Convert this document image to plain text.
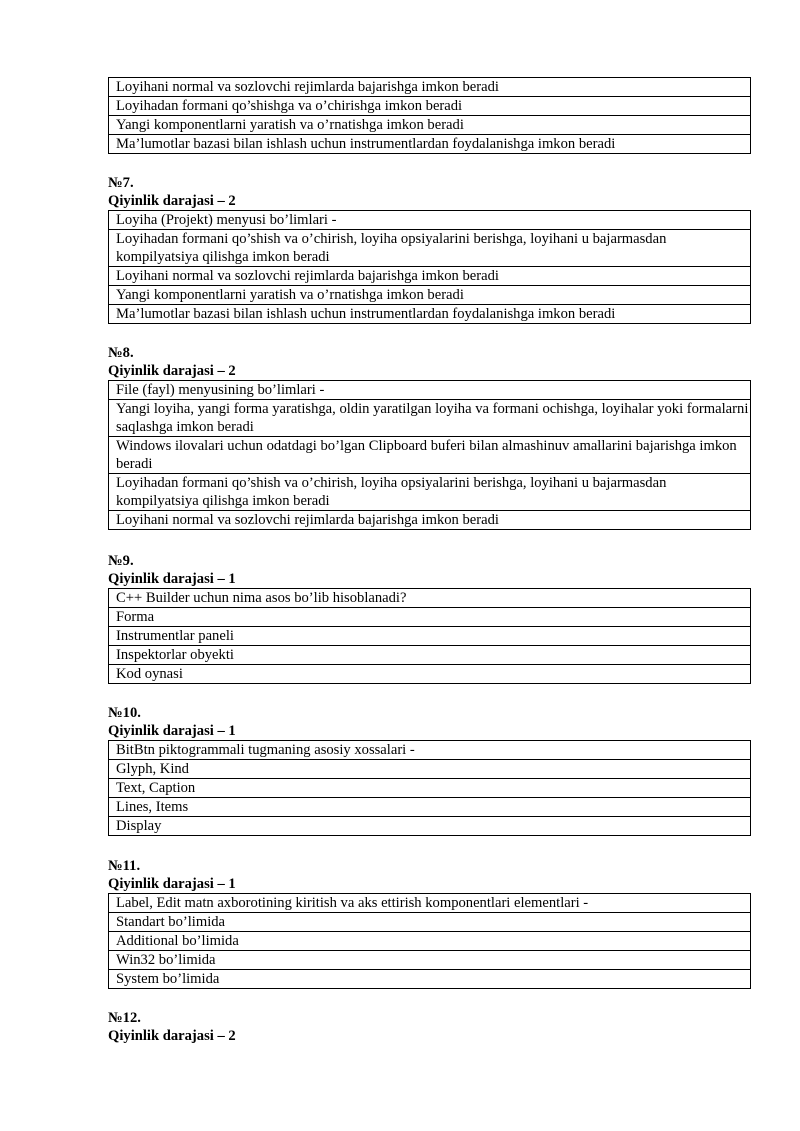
Loyihani normal va sozlovchi rejimlarda bajarishga imkon beradi
Loyihadan formani qo’shishga va o’chirishga imkon beradi
Yangi komponentlarni yaratish va o’rnatishga imkon beradi
Ma’lumotlar bazasi bilan ishlash uchun instrumentlardan foydalanishga imkon beradi
№7.
Qiyinlik darajasi – 2
Loyiha (Projekt) menyusi bo’limlari -
Loyihadan formani qo’shish va o’chirish, loyiha opsiyalarini berishga, loyihani u bajarmasdan kompilyatsiya qilishga imkon beradi
Loyihani normal va sozlovchi rejimlarda bajarishga imkon beradi
Yangi komponentlarni yaratish va o’rnatishga imkon beradi
Ma’lumotlar bazasi bilan ishlash uchun instrumentlardan foydalanishga imkon beradi
№8.
Qiyinlik darajasi – 2
File (fayl) menyusining bo’limlari -
Yangi loyiha, yangi forma yaratishga, oldin yaratilgan loyiha va formani ochishga, loyihalar yoki formalarni saqlashga imkon beradi
Windows ilovalari uchun odatdagi bo’lgan Clipboard buferi bilan almashinuv amallarini bajarishga imkon beradi
Loyihadan formani qo’shish va o’chirish, loyiha opsiyalarini berishga, loyihani u bajarmasdan kompilyatsiya qilishga imkon beradi
Loyihani normal va sozlovchi rejimlarda bajarishga imkon beradi
№9.
Qiyinlik darajasi – 1
C++ Builder uchun nima asos bo’lib hisoblanadi?
Forma
Instrumentlar paneli
Inspektorlar obyekti
Kod oynasi
№10.
Qiyinlik darajasi – 1
BitBtn piktogrammali tugmaning asosiy xossalari -
Glyph, Kind
Text, Caption
Lines, Items
Display
№11.
Qiyinlik darajasi – 1
Label, Edit matn axborotining kiritish va aks ettirish komponentlari elementlari -
Standart bo’limida
Additional bo’limida
Win32 bo’limida
System bo’limida
№12.
Qiyinlik darajasi – 2
